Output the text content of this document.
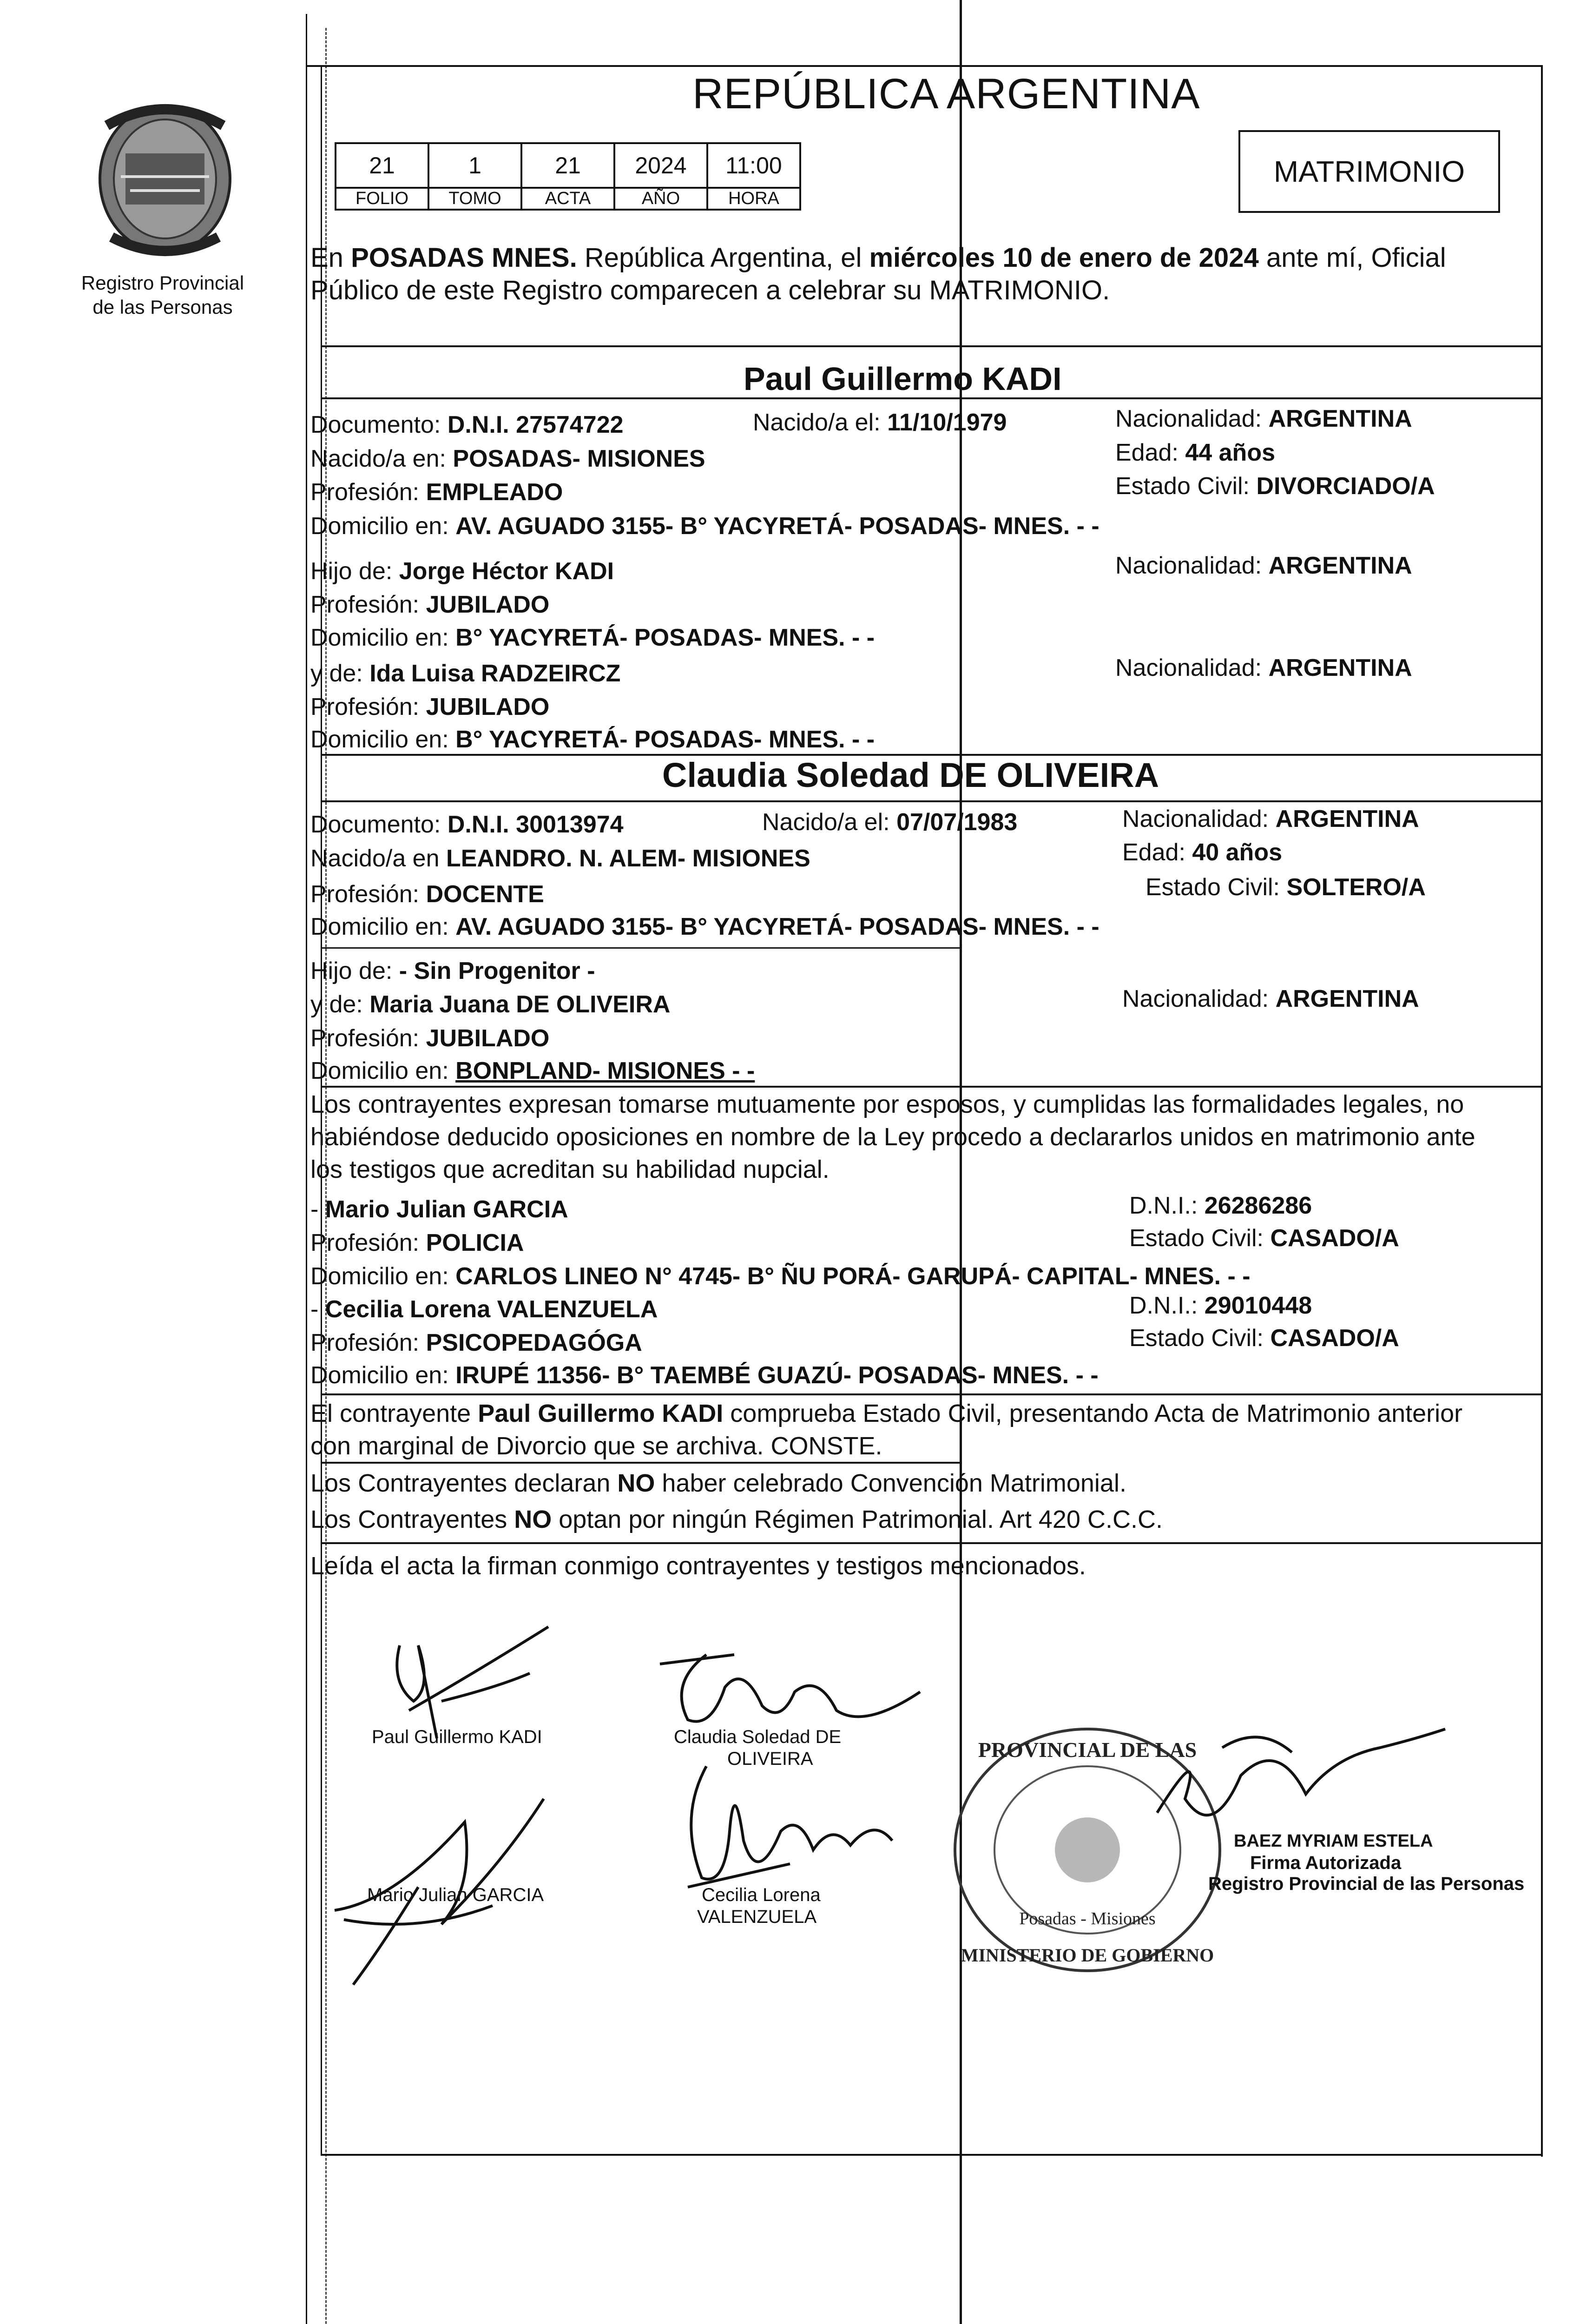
Registro Provincial
de las Personas
REPÚBLICA ARGENTINA
21	1	21	2024	11:00
FOLIO	TOMO	ACTA	AÑO	HORA
MATRIMONIO
En POSADAS MNES. República Argentina, el miércoles 10 de enero de 2024 ante mí, Oficial
Público de este Registro comparecen a celebrar su MATRIMONIO.
Paul Guillermo KADI
Documento: D.N.I. 27574722	Nacido/a el: 11/10/1979	Nacionalidad: ARGENTINA
Nacido/a en: POSADAS- MISIONES	Edad: 44 años
Profesión: EMPLEADO	Estado Civil: DIVORCIADO/A
Domicilio en: AV. AGUADO 3155- B° YACYRETÁ- POSADAS- MNES. - -
Hijo de: Jorge Héctor KADI	Nacionalidad: ARGENTINA
Profesión: JUBILADO
Domicilio en: B° YACYRETÁ- POSADAS- MNES. - -
y de: Ida Luisa RADZEIRCZ	Nacionalidad: ARGENTINA
Profesión: JUBILADO
Domicilio en: B° YACYRETÁ- POSADAS- MNES. - -
Claudia Soledad DE OLIVEIRA
Documento: D.N.I. 30013974	Nacido/a el: 07/07/1983	Nacionalidad: ARGENTINA
Nacido/a en LEANDRO. N. ALEM- MISIONES	Edad: 40 años
Profesión: DOCENTE	Estado Civil: SOLTERO/A
Domicilio en: AV. AGUADO 3155- B° YACYRETÁ- POSADAS- MNES. - -
Hijo de: - Sin Progenitor -
y de: Maria Juana DE OLIVEIRA	Nacionalidad: ARGENTINA
Profesión: JUBILADO
Domicilio en: BONPLAND- MISIONES - -
Los contrayentes expresan tomarse mutuamente por esposos, y cumplidas las formalidades legales, no
habiéndose deducido oposiciones en nombre de la Ley procedo a declararlos unidos en matrimonio ante
los testigos que acreditan su habilidad nupcial.
- Mario Julian GARCIA	D.N.I.: 26286286
Profesión: POLICIA	Estado Civil: CASADO/A
Domicilio en: CARLOS LINEO N° 4745- B° ÑU PORÁ- GARUPÁ- CAPITAL- MNES. - -
- Cecilia Lorena VALENZUELA	D.N.I.: 29010448
Profesión: PSICOPEDAGÓGA	Estado Civil: CASADO/A
Domicilio en: IRUPÉ 11356- B° TAEMBÉ GUAZÚ- POSADAS- MNES. - -
El contrayente Paul Guillermo KADI comprueba Estado Civil, presentando Acta de Matrimonio anterior
con marginal de Divorcio que se archiva. CONSTE.
Los Contrayentes declaran NO haber celebrado Convención Matrimonial.
Los Contrayentes NO optan por ningún Régimen Patrimonial. Art 420 C.C.C.
Leída el acta la firman conmigo contrayentes y testigos mencionados.
Paul Guillermo KADI	Claudia Soledad DE
OLIVEIRA
Mario Julian GARCIA	Cecilia Lorena
VALENZUELA
PROVINCIAL DE LAS
MINISTERIO DE GOBIERNO
Posadas - Misiones
BAEZ MYRIAM ESTELA
Firma Autorizada
Registro Provincial de las Personas
